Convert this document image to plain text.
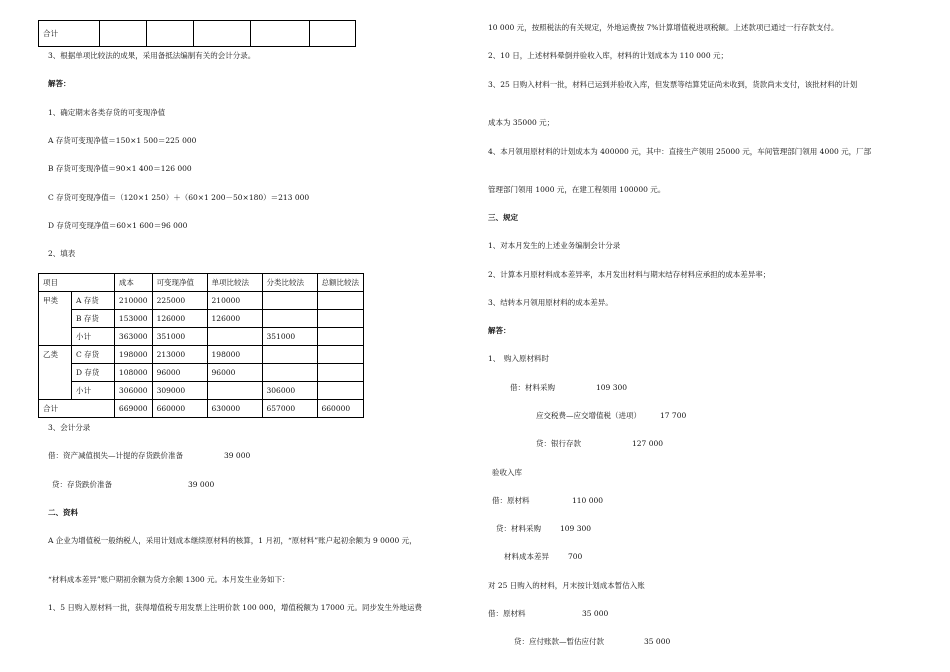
合计					
3、根据单项比较法的成果，采用备抵法编制有关的会计分录。
解答：
1、确定期末各类存货的可变现净值
A 存货可变现净值＝150×1 500＝225 000
B 存货可变现净值＝90×1 400＝126 000
C 存货可变现净值＝（120×1 250）＋（60×1 200－50×180）＝213 000
D 存货可变现净值＝60×1 600＝96 000
2、填表
项目		成本	可变现净值	单项比较法	分类比较法	总额比较法
甲类	A 存货	210000	225000	210000		
	B 存货	153000	126000	126000		
	小计	363000	351000		351000	
乙类	C 存货	198000	213000	198000		
	D 存货	108000	96000	96000		
	小计	306000	309000		306000	
合计		669000	660000	630000	657000	660000
3、会计分录
借：资产减值损失—计提的存货跌价准备	39 000
贷：存货跌价准备	39 000
二、资料
A 企业为增值税一般纳税人，采用计划成本继续原材料的核算，1 月初，“原材料”账户起初余额为 9 0000 元，
“材料成本差异”账户期初余额为贷方余额 1300 元。本月发生业务如下：
1、5 日购入原材料一批，获得增值税专用发票上注明价款 100 000，增值税额为 17000 元。同步发生外地运费
10 000 元，按照税法的有关规定，外地运费按 7%计算增值税进项税额。上述款项已通过一行存款支付。
2、10 日，上述材料晕倒并验收入库，材料的计划成本为 110 000 元；
3、25 日购入材料一批，材料已运到并验收入库，但发票等结算凭证尚未收到，货款尚未支付，该批材料的计划
成本为 35000 元；
4、本月领用原材料的计划成本为 400000 元，其中：直接生产领用 25000 元，车间管理部门领用 4000 元，厂部
管理部门领用 1000 元，在建工程领用 100000 元。
三、规定
1、对本月发生的上述业务编制会计分录
2、计算本月原材料成本差异率，本月发出材料与期末结存材料应承担的成本差异率；
3、结转本月领用原材料的成本差异。
解答：
1、　购入原材料时
借：材料采购	109 300
应交税费—应交增值税（进项）	17 700
贷：银行存款	127 000
验收入库
借：原材料	110 000
贷：材料采购	109 300
材料成本差异	700
对 25 日购入的材料，月末按计划成本暂估入账
借：原材料	35 000
贷：应付账款—暂估应付款	35 000
